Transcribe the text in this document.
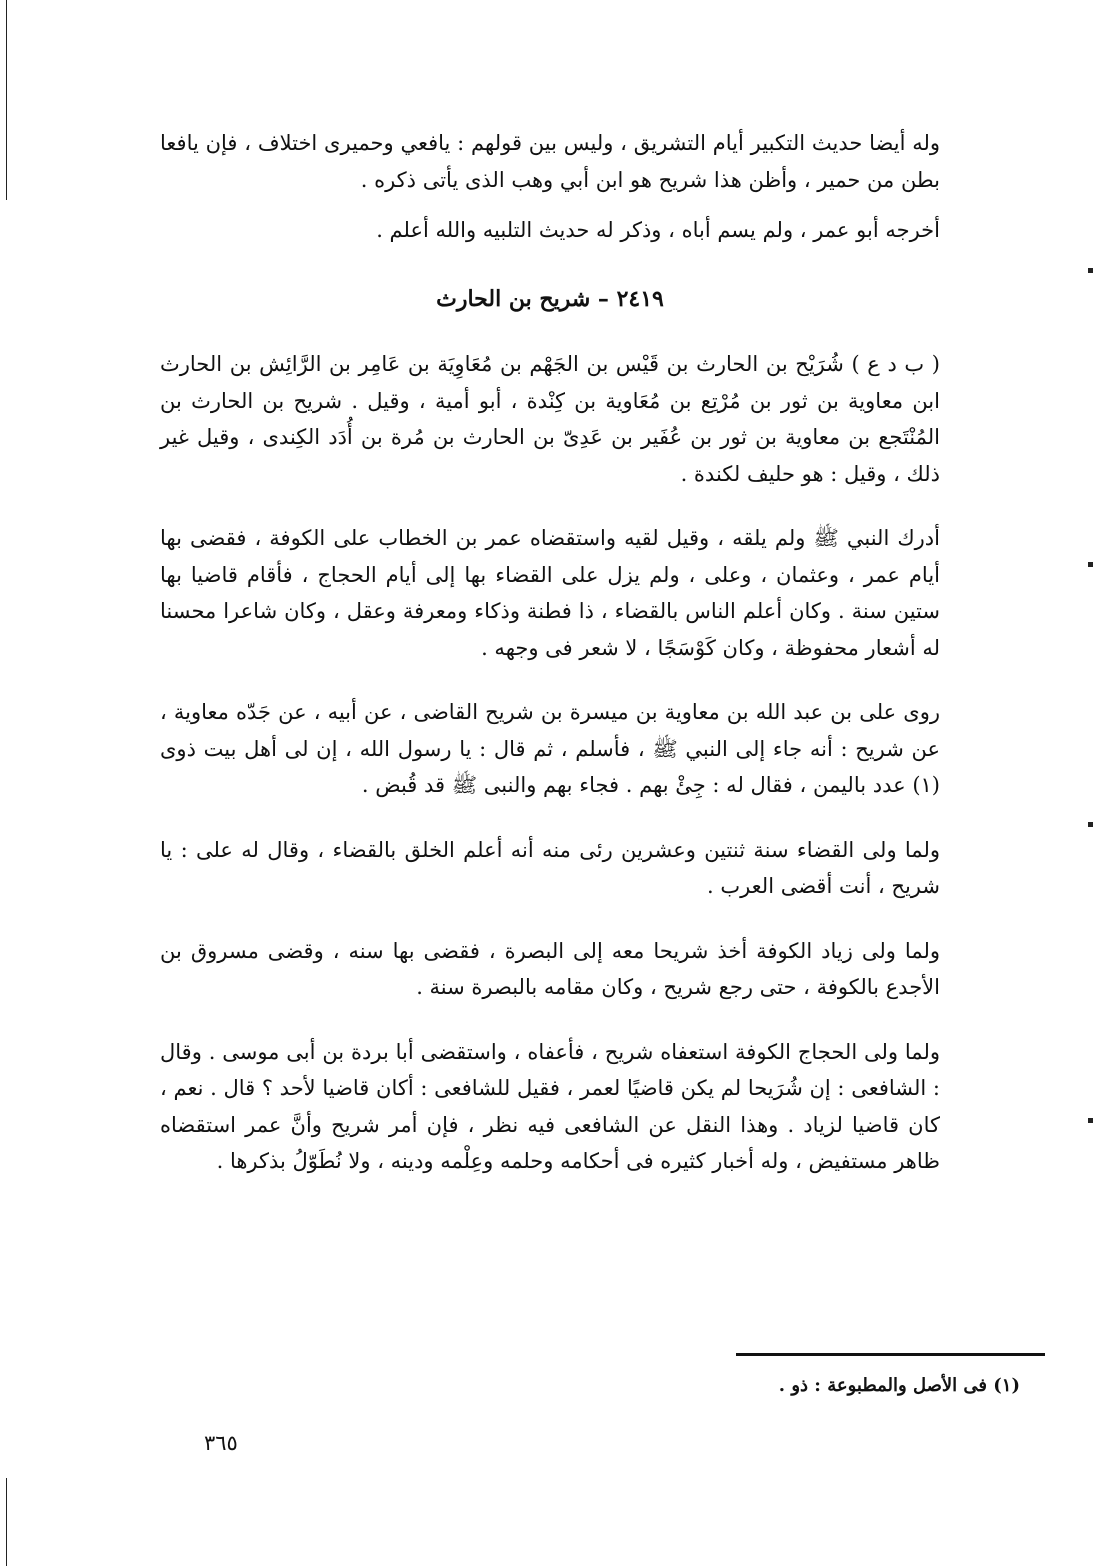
وله أيضا حديث التكبير أيام التشريق ، وليس بين قولهم : يافعي وحميرى اختلاف ، فإن يافعا بطن من حمير ، وأظن هذا شريح هو ابن أبي وهب الذى يأتى ذكره .

أخرجه أبو عمر ، ولم يسم أباه ، وذكر له حديث التلبيه والله أعلم .

٢٤١٩ – شريح بن الحارث

( ب د ع ) شُرَيْح بن الحارث بن قَيْس بن الجَهْم بن مُعَاوِيَة بن عَامِر بن الرَّائِش بن الحارث ابن معاوية بن ثور بن مُرْتِع بن مُعَاوية بن كِنْدة ، أبو أمية ، وقيل . شريح بن الحارث بن المُنْتَجع بن معاوية بن ثور بن عُفَير بن عَدِىّ بن الحارث بن مُرة بن أُدَد الكِندى ، وقيل غير ذلك ، وقيل : هو حليف لكندة .

أدرك النبي ﷺ ولم يلقه ، وقيل لقيه واستقضاه عمر بن الخطاب على الكوفة ، فقضى بها أيام عمر ، وعثمان ، وعلى ، ولم يزل على القضاء بها إلى أيام الحجاج ، فأقام قاضيا بها ستين سنة . وكان أعلم الناس بالقضاء ، ذا فطنة وذكاء ومعرفة وعقل ، وكان شاعرا محسنا له أشعار محفوظة ، وكان كَوْسَجًا ، لا شعر فى وجهه .

روى على بن عبد الله بن معاوية بن ميسرة بن شريح القاضى ، عن أبيه ، عن جَدّه معاوية ، عن شريح : أنه جاء إلى النبي ﷺ ، فأسلم ، ثم قال : يا رسول الله ، إن لى أهل بيت ذوى (١) عدد باليمن ، فقال له : جِئْ بهم . فجاء بهم والنبى ﷺ قد قُبض .

ولما ولى القضاء سنة ثنتين وعشرين رئى منه أنه أعلم الخلق بالقضاء ، وقال له على : يا شريح ، أنت أقضى العرب .

ولما ولى زياد الكوفة أخذ شريحا معه إلى البصرة ، فقضى بها سنه ، وقضى مسروق بن الأجدع بالكوفة ، حتى رجع شريح ، وكان مقامه بالبصرة سنة .

ولما ولى الحجاج الكوفة استعفاه شريح ، فأعفاه ، واستقضى أبا بردة بن أبى موسى . وقال : الشافعى : إن شُرَيحا لم يكن قاضيًا لعمر ، فقيل للشافعى : أكان قاضيا لأحد ؟ قال . نعم ، كان قاضيا لزياد . وهذا النقل عن الشافعى فيه نظر ، فإن أمر شريح وأنَّ عمر استقضاه ظاهر مستفيض ، وله أخبار كثيره فى أحكامه وحلمه وعِلْمه ودينه ، ولا نُطَوّلُ بذكرها .

(١) فى الأصل والمطبوعة : ذو .
٣٦٥
